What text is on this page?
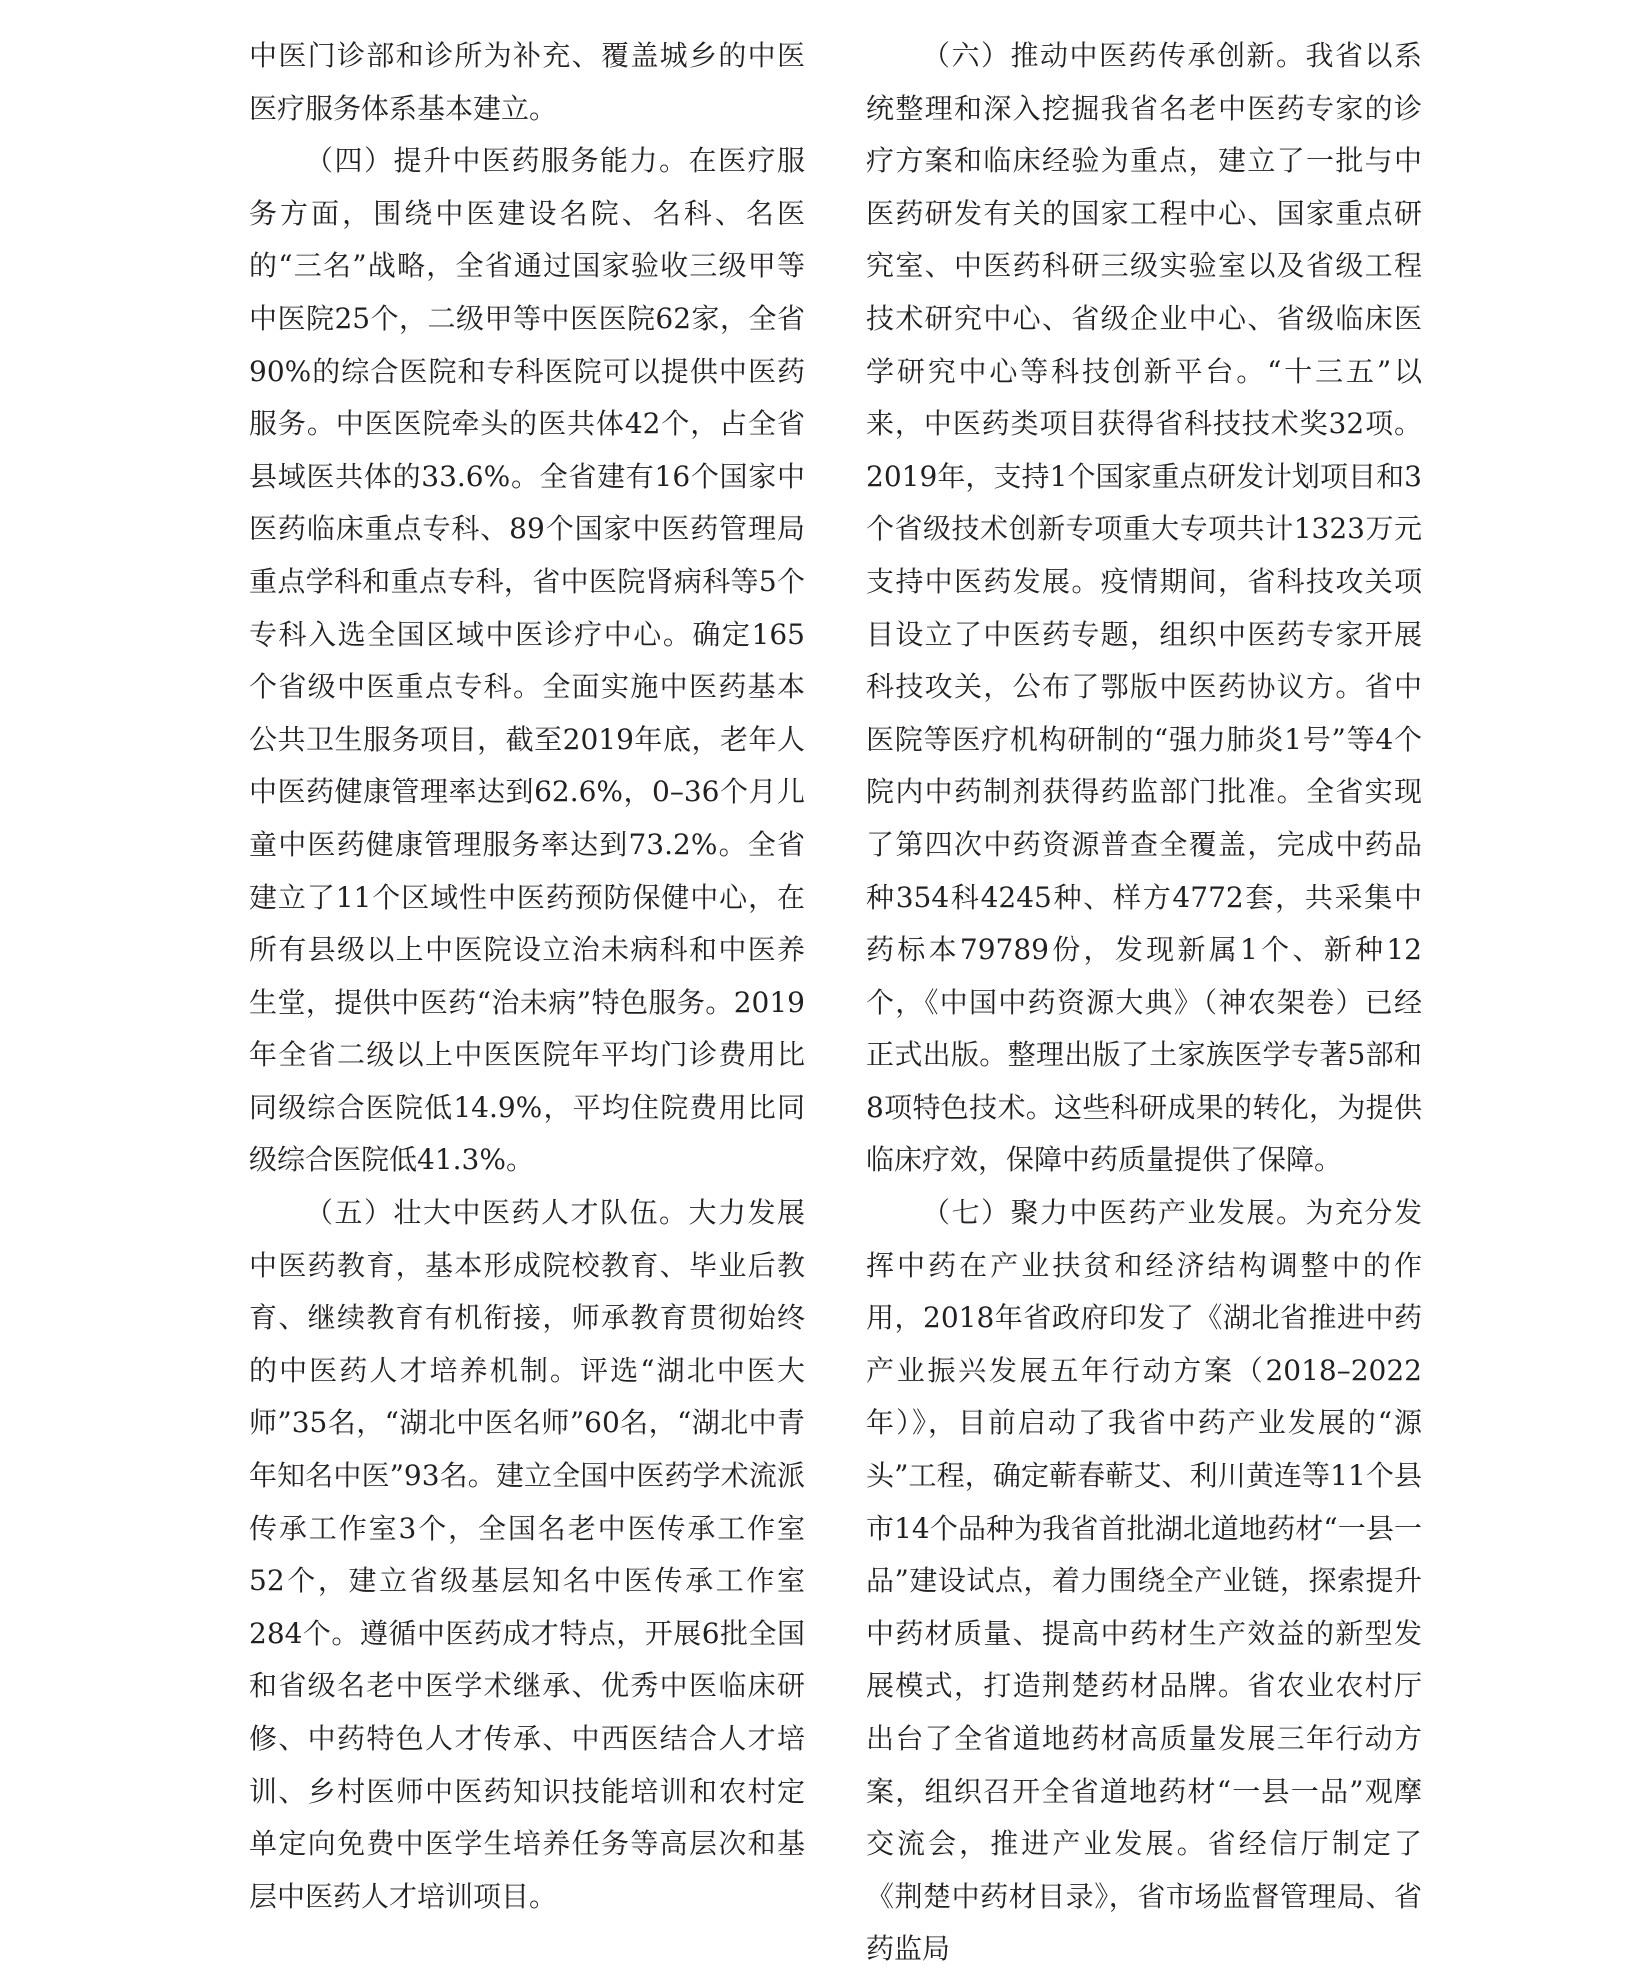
中医门诊部和诊所为补充、覆盖城乡的中医医疗服务体系基本建立。

（四）提升中医药服务能力。在医疗服务方面，围绕中医建设名院、名科、名医的“三名”战略，全省通过国家验收三级甲等中医院25个，二级甲等中医医院62家，全省90%的综合医院和专科医院可以提供中医药服务。中医医院牵头的医共体42个，占全省县域医共体的33.6%。全省建有16个国家中医药临床重点专科、89个国家中医药管理局重点学科和重点专科，省中医院肾病科等5个专科入选全国区域中医诊疗中心。确定165个省级中医重点专科。全面实施中医药基本公共卫生服务项目，截至2019年底，老年人中医药健康管理率达到62.6%，0–36个月儿童中医药健康管理服务率达到73.2%。全省建立了11个区域性中医药预防保健中心，在所有县级以上中医院设立治未病科和中医养生堂，提供中医药“治未病”特色服务。2019年全省二级以上中医医院年平均门诊费用比同级综合医院低14.9%，平均住院费用比同级综合医院低41.3%。

（五）壮大中医药人才队伍。大力发展中医药教育，基本形成院校教育、毕业后教育、继续教育有机衔接，师承教育贯彻始终的中医药人才培养机制。评选“湖北中医大师”35名，“湖北中医名师”60名，“湖北中青年知名中医”93名。建立全国中医药学术流派传承工作室3个，全国名老中医传承工作室52个，建立省级基层知名中医传承工作室284个。遵循中医药成才特点，开展6批全国和省级名老中医学术继承、优秀中医临床研修、中药特色人才传承、中西医结合人才培训、乡村医师中医药知识技能培训和农村定单定向免费中医学生培养任务等高层次和基层中医药人才培训项目。

（六）推动中医药传承创新。我省以系统整理和深入挖掘我省名老中医药专家的诊疗方案和临床经验为重点，建立了一批与中医药研发有关的国家工程中心、国家重点研究室、中医药科研三级实验室以及省级工程技术研究中心、省级企业中心、省级临床医学研究中心等科技创新平台。“十三五”以来，中医药类项目获得省科技技术奖32项。2019年，支持1个国家重点研发计划项目和3个省级技术创新专项重大专项共计1323万元支持中医药发展。疫情期间，省科技攻关项目设立了中医药专题，组织中医药专家开展科技攻关，公布了鄂版中医药协议方。省中医院等医疗机构研制的“强力肺炎1号”等4个院内中药制剂获得药监部门批准。全省实现了第四次中药资源普查全覆盖，完成中药品种354科4245种、样方4772套，共采集中药标本79789份，发现新属1个、新种12个，《中国中药资源大典》（神农架卷）已经正式出版。整理出版了土家族医学专著5部和8项特色技术。这些科研成果的转化，为提供临床疗效，保障中药质量提供了保障。

（七）聚力中医药产业发展。为充分发挥中药在产业扶贫和经济结构调整中的作用，2018年省政府印发了《湖北省推进中药产业振兴发展五年行动方案（2018–2022年）》，目前启动了我省中药产业发展的“源头”工程，确定蕲春蕲艾、利川黄连等11个县市14个品种为我省首批湖北道地药材“一县一品”建设试点，着力围绕全产业链，探索提升中药材质量、提高中药材生产效益的新型发展模式，打造荆楚药材品牌。省农业农村厅出台了全省道地药材高质量发展三年行动方案，组织召开全省道地药材“一县一品”观摩交流会，推进产业发展。省经信厅制定了《荆楚中药材目录》，省市场监督管理局、省药监局
